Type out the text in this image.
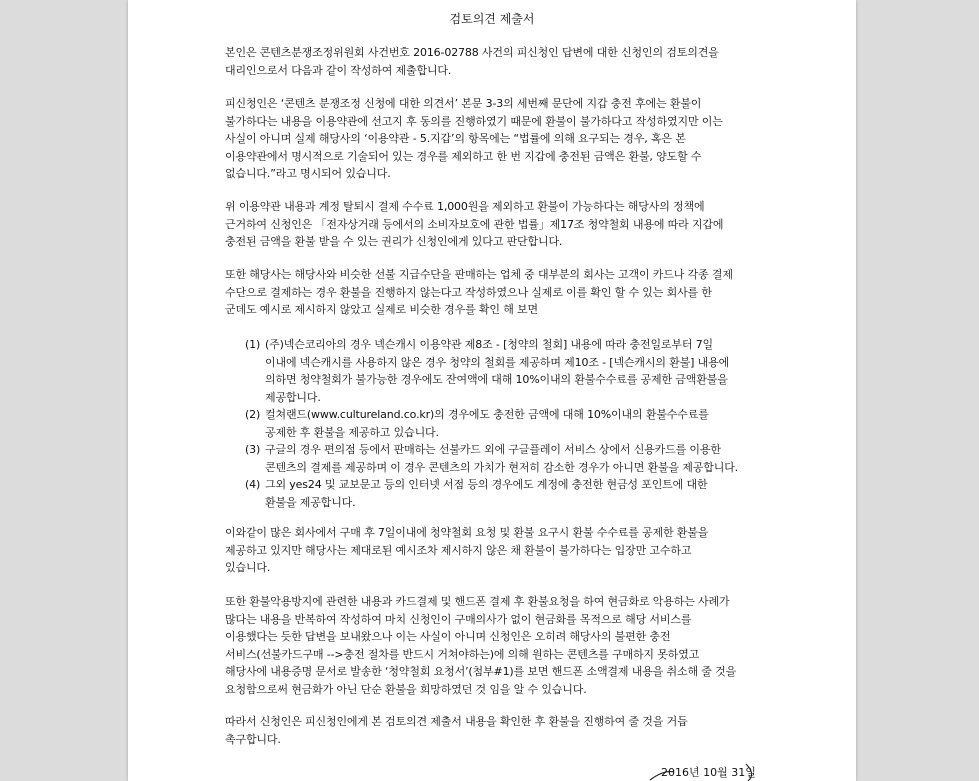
검토의견 제출서
본인은 콘텐츠분쟁조정위원회 사건번호 2016-02788 사건의 피신청인 답변에 대한 신청인의 검토의견을
대리인으로서 다음과 같이 작성하여 제출합니다.
피신청인은 ‘콘텐츠 분쟁조정 신청에 대한 의견서’ 본문 3-3의 세번째 문단에 지갑 충전 후에는 환불이
불가하다는 내용을 이용약관에 선고지 후 동의를 진행하였기 때문에 환불이 불가하다고 작성하였지만 이는
사실이 아니며 실제 해당사의 ‘이용약관 - 5.지갑’의 항목에는 “법률에 의해 요구되는 경우, 혹은 본
이용약관에서 명시적으로 기술되어 있는 경우를 제외하고 한 번 지갑에 충전된 금액은 환불, 양도할 수
없습니다.”라고 명시되어 있습니다.
위 이용약관 내용과 계정 탈퇴시 결제 수수료 1,000원을 제외하고 환불이 가능하다는 해당사의 정책에
근거하여 신청인은 「전자상거래 등에서의 소비자보호에 관한 법률」제17조 청약철회 내용에 따라 지갑에
충전된 금액을 환불 받을 수 있는 권리가 신청인에게 있다고 판단합니다.
또한 해당사는 해당사와 비슷한 선불 지급수단을 판매하는 업체 중 대부분의 회사는 고객이 카드나 각종 결제
수단으로 결제하는 경우 환불을 진행하지 않는다고 작성하였으나 실제로 이를 확인 할 수 있는 회사를 한
군데도 예시로 제시하지 않았고 실제로 비슷한 경우를 확인 해 보면
(1) (주)넥슨코리아의 경우 넥슨캐시 이용약관 제8조 - [청약의 철회] 내용에 따라 충전일로부터 7일
이내에 넥슨캐시를 사용하지 않은 경우 청약의 철회를 제공하며 제10조 - [넥슨캐시의 환불] 내용에
의하면 청약철회가 불가능한 경우에도 잔여액에 대해 10%이내의 환불수수료를 공제한 금액환불을
제공합니다.
(2) 컬쳐랜드(www.cultureland.co.kr)의 경우에도 충전한 금액에 대해 10%이내의 환불수수료를
공제한 후 환불을 제공하고 있습니다.
(3) 구글의 경우 편의점 등에서 판매하는 선불카드 외에 구글플레이 서비스 상에서 신용카드를 이용한
콘텐츠의 결제를 제공하며 이 경우 콘텐츠의 가치가 현저히 감소한 경우가 아니면 환불을 제공합니다.
(4) 그외 yes24 및 교보문고 등의 인터넷 서점 등의 경우에도 계정에 충전한 현금성 포인트에 대한
환불을 제공합니다.
이와같이 많은 회사에서 구매 후 7일이내에 청약철회 요청 및 환불 요구시 환불 수수료를 공제한 환불을
제공하고 있지만 해당사는 제대로된 예시조차 제시하지 않은 채 환불이 불가하다는 입장만 고수하고
있습니다.
또한 환불악용방지에 관련한 내용과 카드결제 및 핸드폰 결제 후 환불요청을 하여 현금화로 악용하는 사례가
많다는 내용을 반복하여 작성하여 마치 신청인이 구매의사가 없이 현금화를 목적으로 해당 서비스를
이용했다는 듯한 답변을 보내왔으나 이는 사실이 아니며 신청인은 오히려 해당사의 불편한 충전
서비스(선불카드구매 -->충전 절차를 반드시 거쳐야하는)에 의해 원하는 콘텐츠를 구매하지 못하였고
해당사에 내용증명 문서로 발송한 ‘청약철회 요청서’(첨부#1)를 보면 핸드폰 소액결제 내용을 취소해 줄 것을
요청함으로써 현금화가 아닌 단순 환불을 희망하였던 것 임을 알 수 있습니다.
따라서 신청인은 피신청인에게 본 검토의견 제출서 내용을 확인한 후 환불을 진행하여 줄 것을 거듭
촉구합니다.
2016년 10월 31일
